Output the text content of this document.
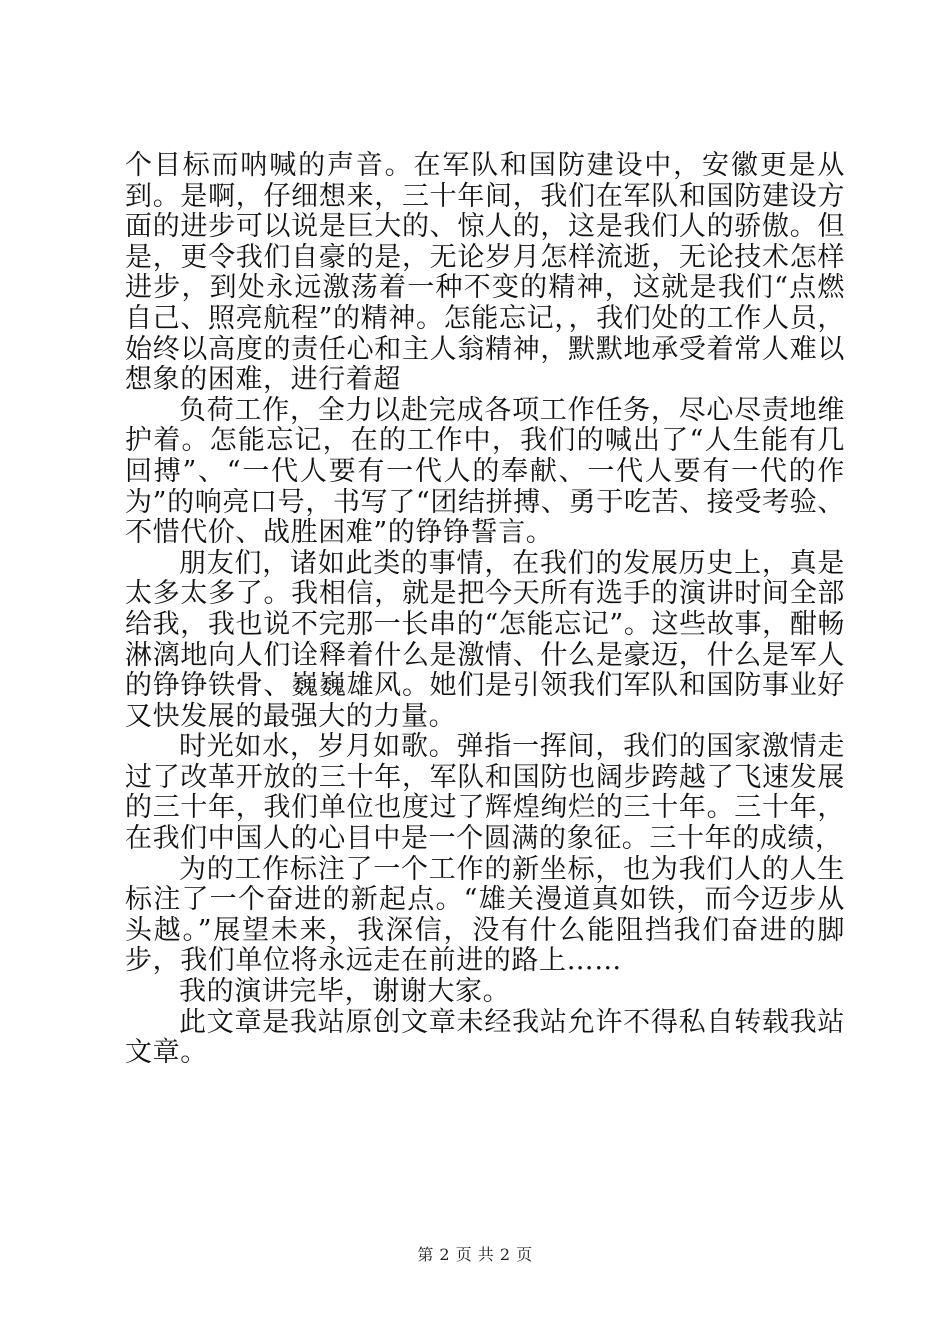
个目标而呐喊的声音。在军队和国防建设中，安徽更是从到。是啊，仔细想来，三十年间，我们在军队和国防建设方面的进步可以说是巨大的、惊人的，这是我们人的骄傲。但是，更令我们自豪的是，无论岁月怎样流逝，无论技术怎样进步，到处永远激荡着一种不变的精神，这就是我们“点燃自己、照亮航程”的精神。怎能忘记，，我们处的工作人员，始终以高度的责任心和主人翁精神，默默地承受着常人难以想象的困难，进行着超

负荷工作，全力以赴完成各项工作任务，尽心尽责地维护着。怎能忘记，在的工作中，我们的喊出了“人生能有几回搏”、“一代人要有一代人的奉献、一代人要有一代的作为”的响亮口号，书写了“团结拼搏、勇于吃苦、接受考验、不惜代价、战胜困难”的铮铮誓言。

朋友们，诸如此类的事情，在我们的发展历史上，真是太多太多了。我相信，就是把今天所有选手的演讲时间全部给我，我也说不完那一长串的“怎能忘记”。这些故事，酣畅淋漓地向人们诠释着什么是激情、什么是豪迈，什么是军人的铮铮铁骨、巍巍雄风。她们是引领我们军队和国防事业好又快发展的最强大的力量。

时光如水，岁月如歌。弹指一挥间，我们的国家激情走过了改革开放的三十年，军队和国防也阔步跨越了飞速发展的三十年，我们单位也度过了辉煌绚烂的三十年。三十年，在我们中国人的心目中是一个圆满的象征。三十年的成绩，

为的工作标注了一个工作的新坐标，也为我们人的人生标注了一个奋进的新起点。“雄关漫道真如铁，而今迈步从头越。”展望未来，我深信，没有什么能阻挡我们奋进的脚步，我们单位将永远走在前进的路上……

我的演讲完毕，谢谢大家。

此文章是我站原创文章未经我站允许不得私自转载我站文章。

第 2 页 共 2 页
